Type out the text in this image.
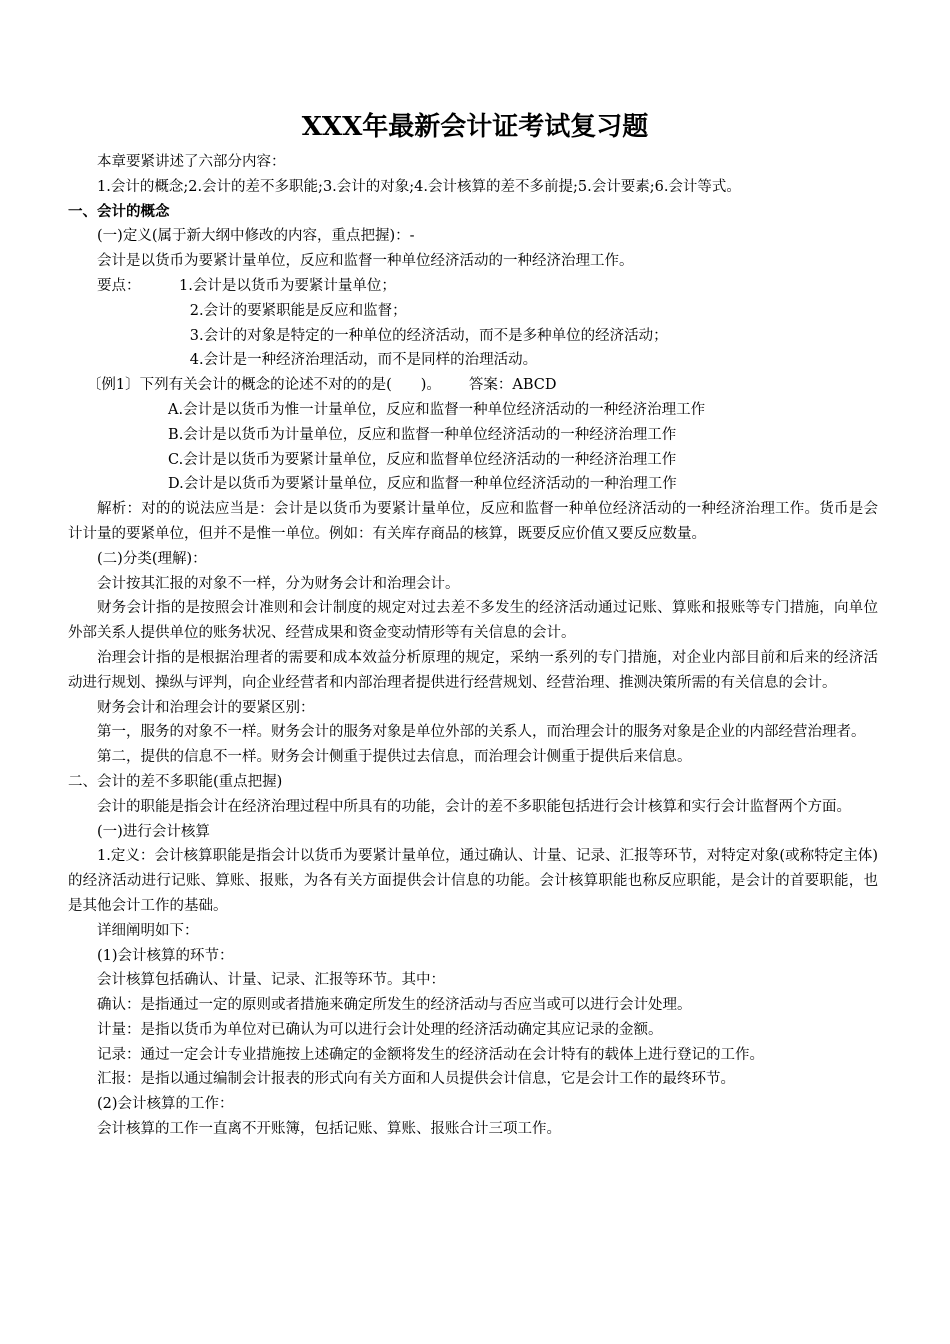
XXX年最新会计证考试复习题

本章要紧讲述了六部分内容：

1.会计的概念;2.会计的差不多职能;3.会计的对象;4.会计核算的差不多前提;5.会计要素;6.会计等式。

一、会计的概念

(一)定义(属于新大纲中修改的内容，重点把握)：-

会计是以货币为要紧计量单位，反应和监督一种单位经济活动的一种经济治理工作。

要点：	1.会计是以货币为要紧计量单位；

2.会计的要紧职能是反应和监督；

3.会计的对象是特定的一种单位的经济活动，而不是多种单位的经济活动；

4.会计是一种经济治理活动，而不是同样的治理活动。

〔例1〕下列有关会计的概念的论述不对的的是(　　)。 答案：ABCD

A.会计是以货币为惟一计量单位，反应和监督一种单位经济活动的一种经济治理工作

B.会计是以货币为计量单位，反应和监督一种单位经济活动的一种经济治理工作

C.会计是以货币为要紧计量单位，反应和监督单位经济活动的一种经济治理工作

D.会计是以货币为要紧计量单位，反应和监督一种单位经济活动的一种治理工作

解析：对的的说法应当是：会计是以货币为要紧计量单位，反应和监督一种单位经济活动的一种经济治理工作。货币是会计计量的要紧单位，但并不是惟一单位。例如：有关库存商品的核算，既要反应价值又要反应数量。

(二)分类(理解)：

会计按其汇报的对象不一样，分为财务会计和治理会计。

财务会计指的是按照会计准则和会计制度的规定对过去差不多发生的经济活动通过记账、算账和报账等专门措施，向单位外部关系人提供单位的账务状况、经营成果和资金变动情形等有关信息的会计。

治理会计指的是根据治理者的需要和成本效益分析原理的规定，采纳一系列的专门措施，对企业内部目前和后来的经济活动进行规划、操纵与评判，向企业经营者和内部治理者提供进行经营规划、经营治理、推测决策所需的有关信息的会计。

财务会计和治理会计的要紧区别：

第一，服务的对象不一样。财务会计的服务对象是单位外部的关系人，而治理会计的服务对象是企业的内部经营治理者。

第二，提供的信息不一样。财务会计侧重于提供过去信息，而治理会计侧重于提供后来信息。

二、会计的差不多职能(重点把握)

会计的职能是指会计在经济治理过程中所具有的功能，会计的差不多职能包括进行会计核算和实行会计监督两个方面。

(一)进行会计核算

1.定义：会计核算职能是指会计以货币为要紧计量单位，通过确认、计量、记录、汇报等环节，对特定对象(或称特定主体)的经济活动进行记账、算账、报账，为各有关方面提供会计信息的功能。会计核算职能也称反应职能，是会计的首要职能，也是其他会计工作的基础。

详细阐明如下：

(1)会计核算的环节：

会计核算包括确认、计量、记录、汇报等环节。其中：

确认：是指通过一定的原则或者措施来确定所发生的经济活动与否应当或可以进行会计处理。

计量：是指以货币为单位对已确认为可以进行会计处理的经济活动确定其应记录的金额。

记录：通过一定会计专业措施按上述确定的金额将发生的经济活动在会计特有的载体上进行登记的工作。

汇报：是指以通过编制会计报表的形式向有关方面和人员提供会计信息，它是会计工作的最终环节。

(2)会计核算的工作：

会计核算的工作一直离不开账簿，包括记账、算账、报账合计三项工作。
